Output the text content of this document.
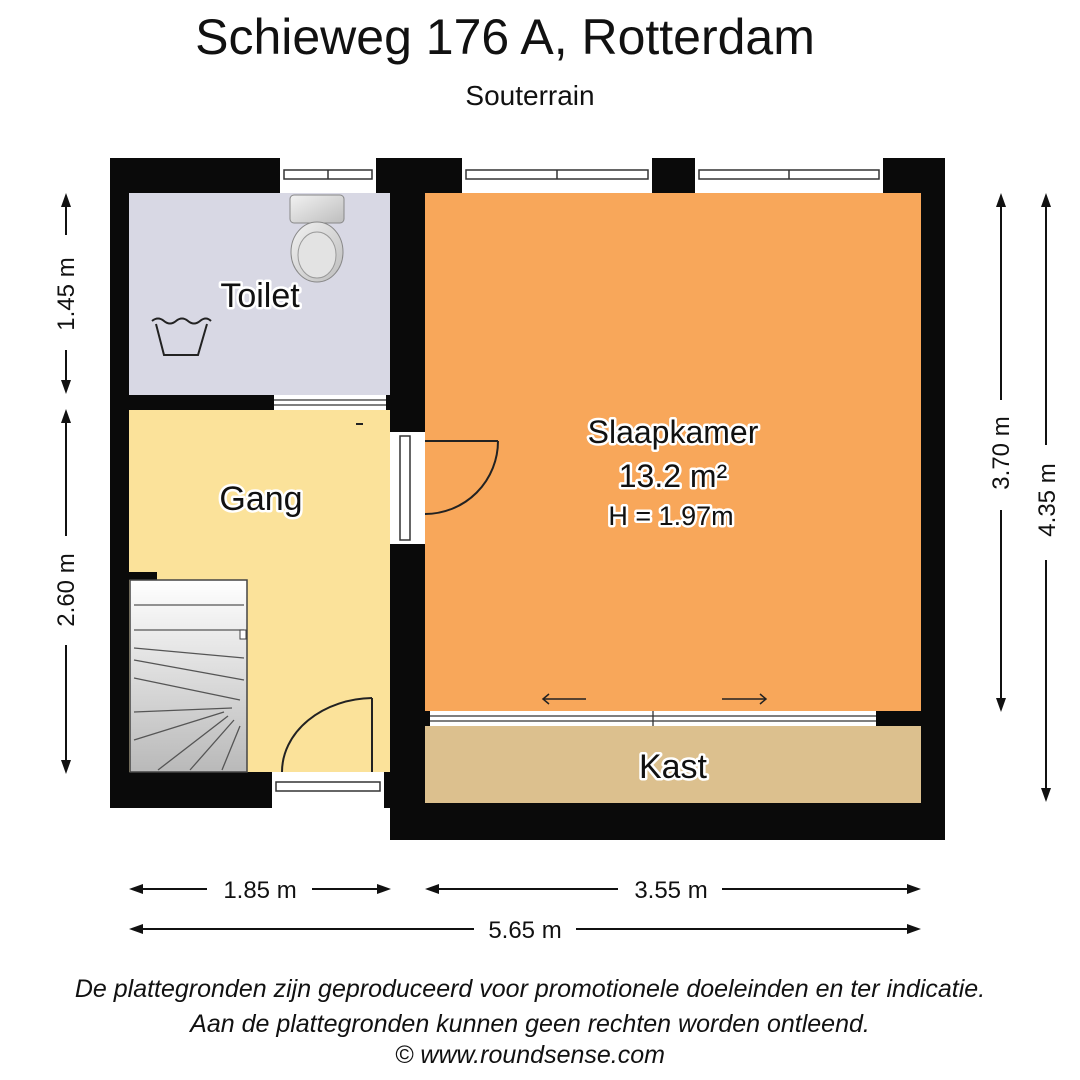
Schieweg 176 A, Rotterdam
Souterrain
Toilet
Gang
Slaapkamer
13.2 m²
H = 1.97m
Kast
1.45 m
2.60 m
3.70 m
4.35 m
1.85 m	3.55 m
5.65 m
De plattegronden zijn geproduceerd voor promotionele doeleinden en ter indicatie.
Aan de plattegronden kunnen geen rechten worden ontleend.
© www.roundsense.com
